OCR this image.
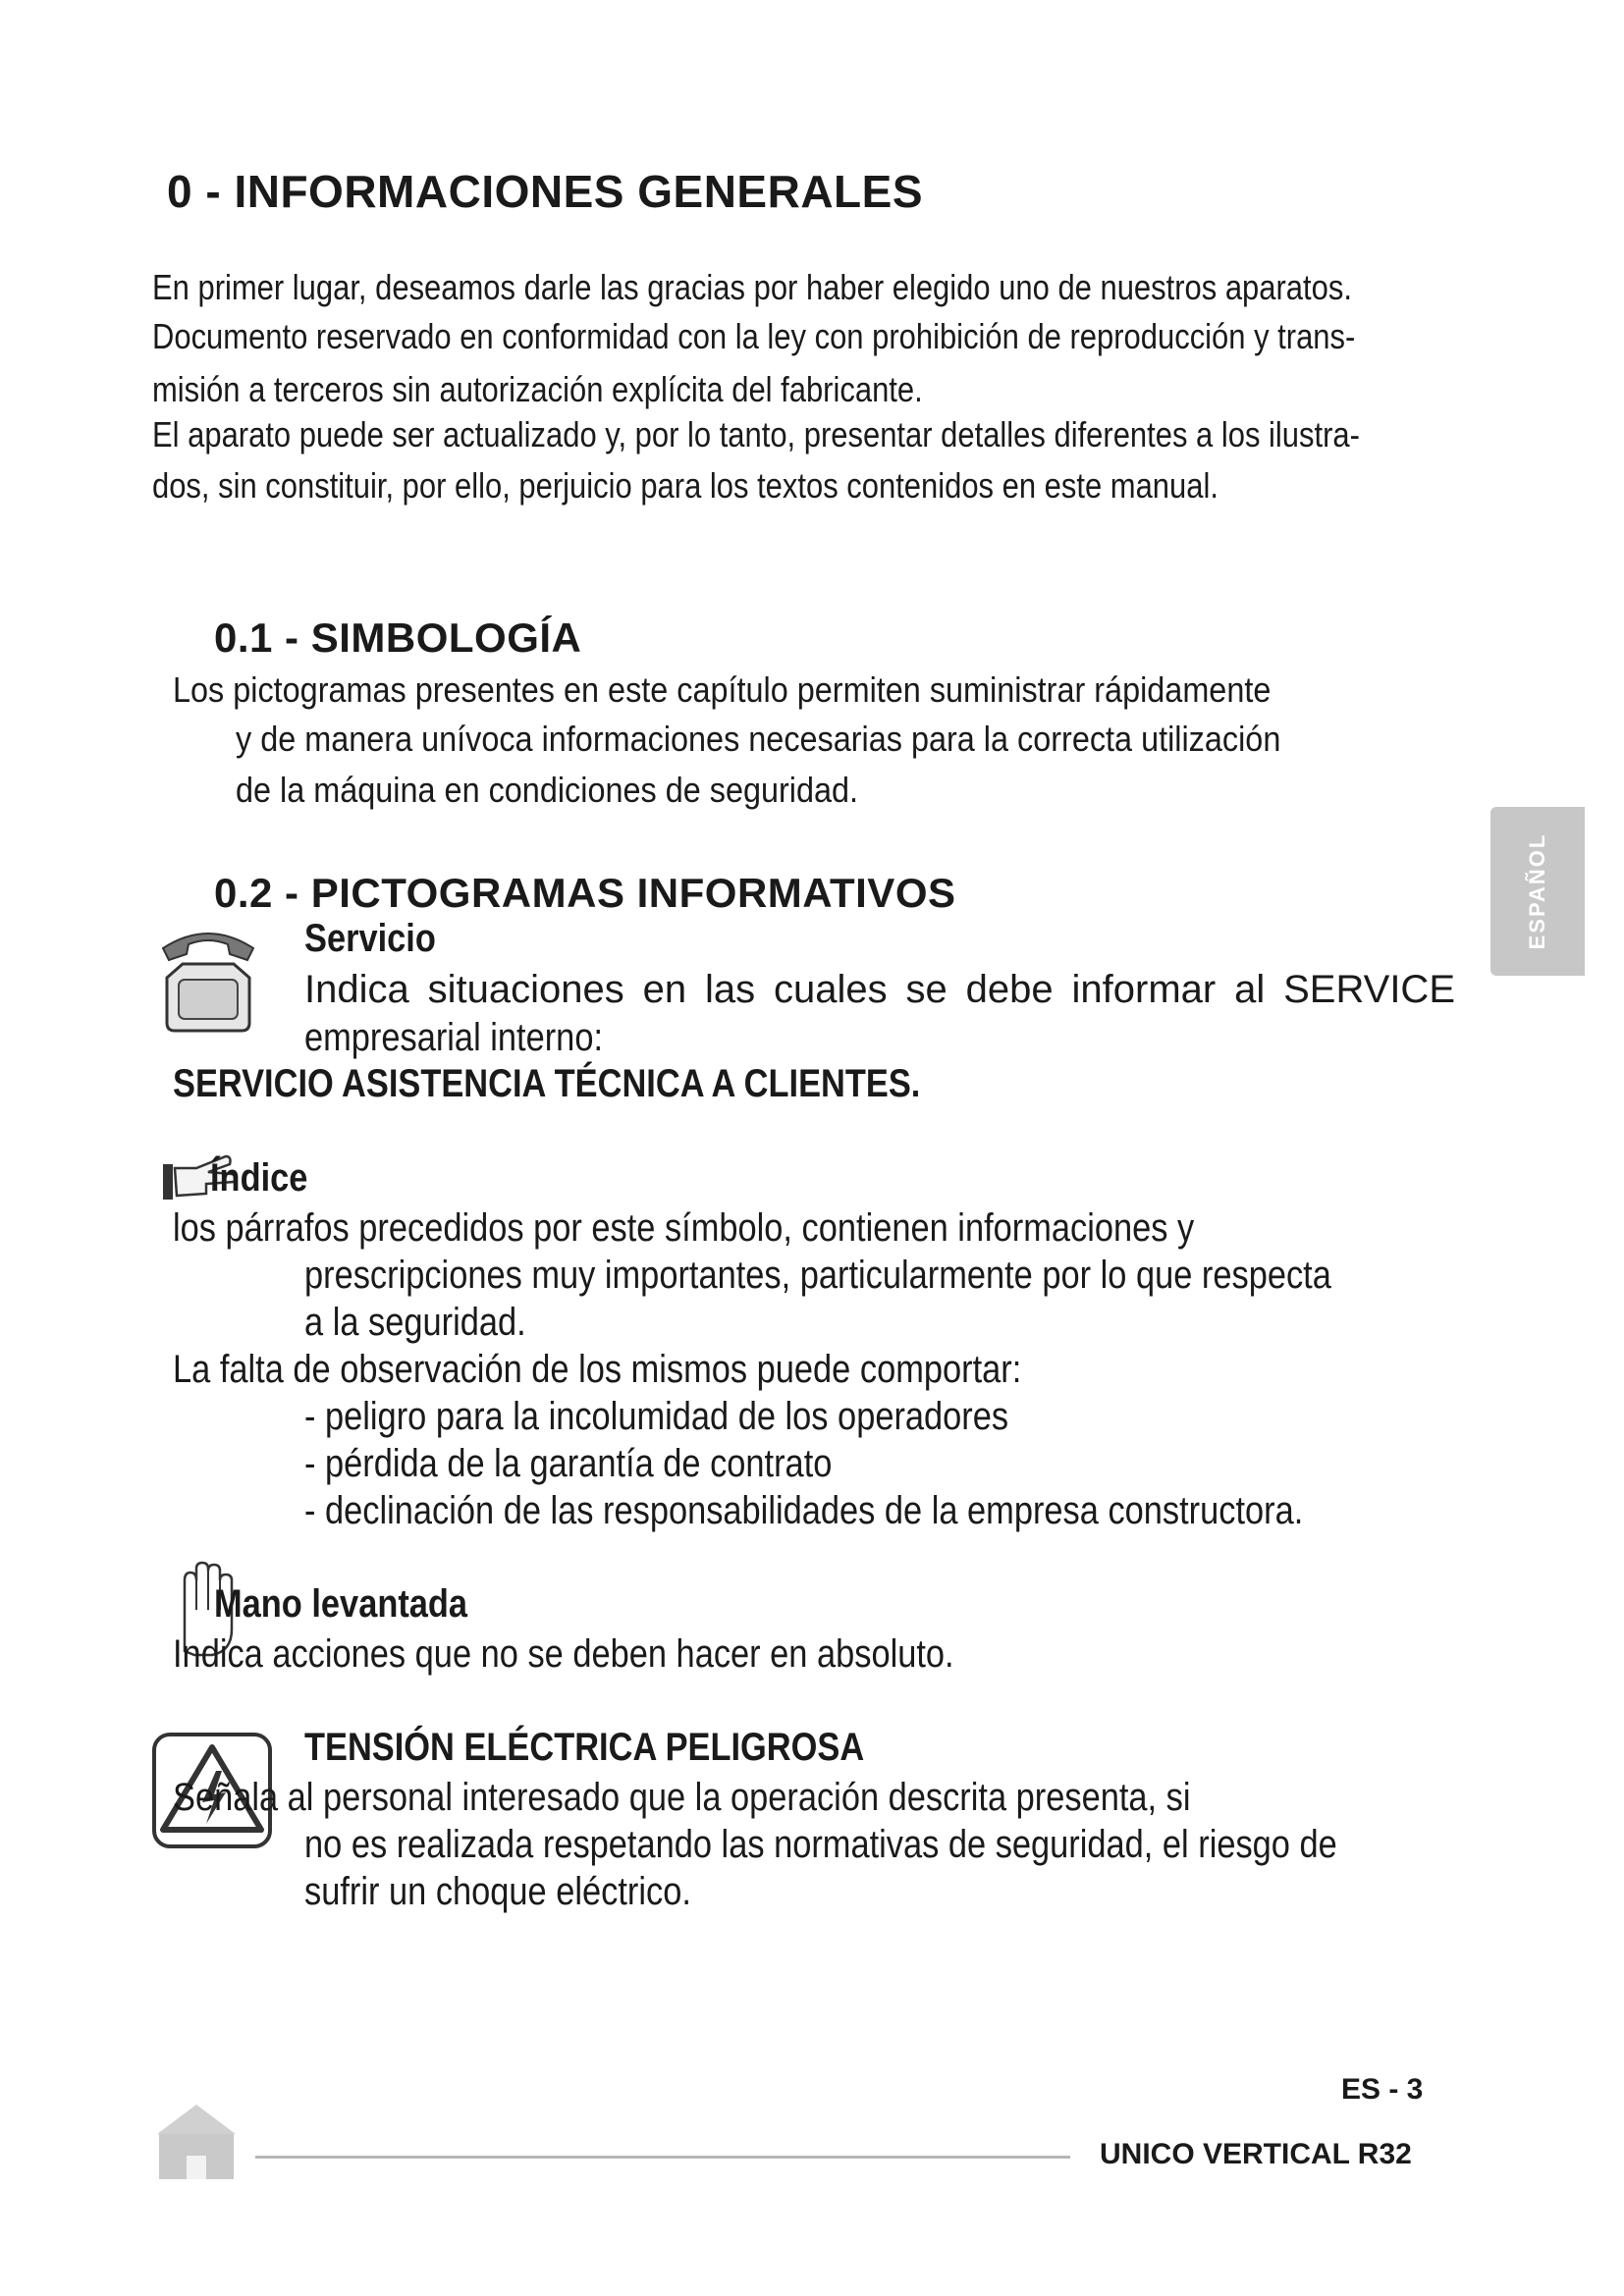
0 - INFORMACIONES GENERALES
En primer lugar, deseamos darle las gracias por haber elegido uno de nuestros aparatos.
Documento reservado en conformidad con la ley con prohibición de reproducción y trans-
misión a terceros sin autorización explícita del fabricante.
El aparato puede ser actualizado y, por lo tanto, presentar detalles diferentes a los ilustra-
dos, sin constituir, por ello, perjuicio para los textos contenidos en este manual.
0.1 - SIMBOLOGÍA
Los pictogramas presentes en este capítulo permiten suministrar rápidamente
y de manera unívoca informaciones necesarias para la correcta utilización
de la máquina en condiciones de seguridad.
ESPAÑOL
0.2 - PICTOGRAMAS INFORMATIVOS
Servicio
Indica situaciones en las cuales se debe informar al SERVICE
empresarial interno:
SERVICIO ASISTENCIA TÉCNICA A CLIENTES.
Índice
los párrafos precedidos por este símbolo, contienen informaciones y
prescripciones muy importantes, particularmente por lo que respecta
a la seguridad.
La falta de observación de los mismos puede comportar:
- peligro para la incolumidad de los operadores
- pérdida de la garantía de contrato
- declinación de las responsabilidades de la empresa constructora.
Mano levantada
Indica acciones que no se deben hacer en absoluto.
TENSIÓN ELÉCTRICA PELIGROSA
Señala al personal interesado que la operación descrita presenta, si
no es realizada respetando las normativas de seguridad, el riesgo de
sufrir un choque eléctrico.
ES - 3
UNICO VERTICAL R32
